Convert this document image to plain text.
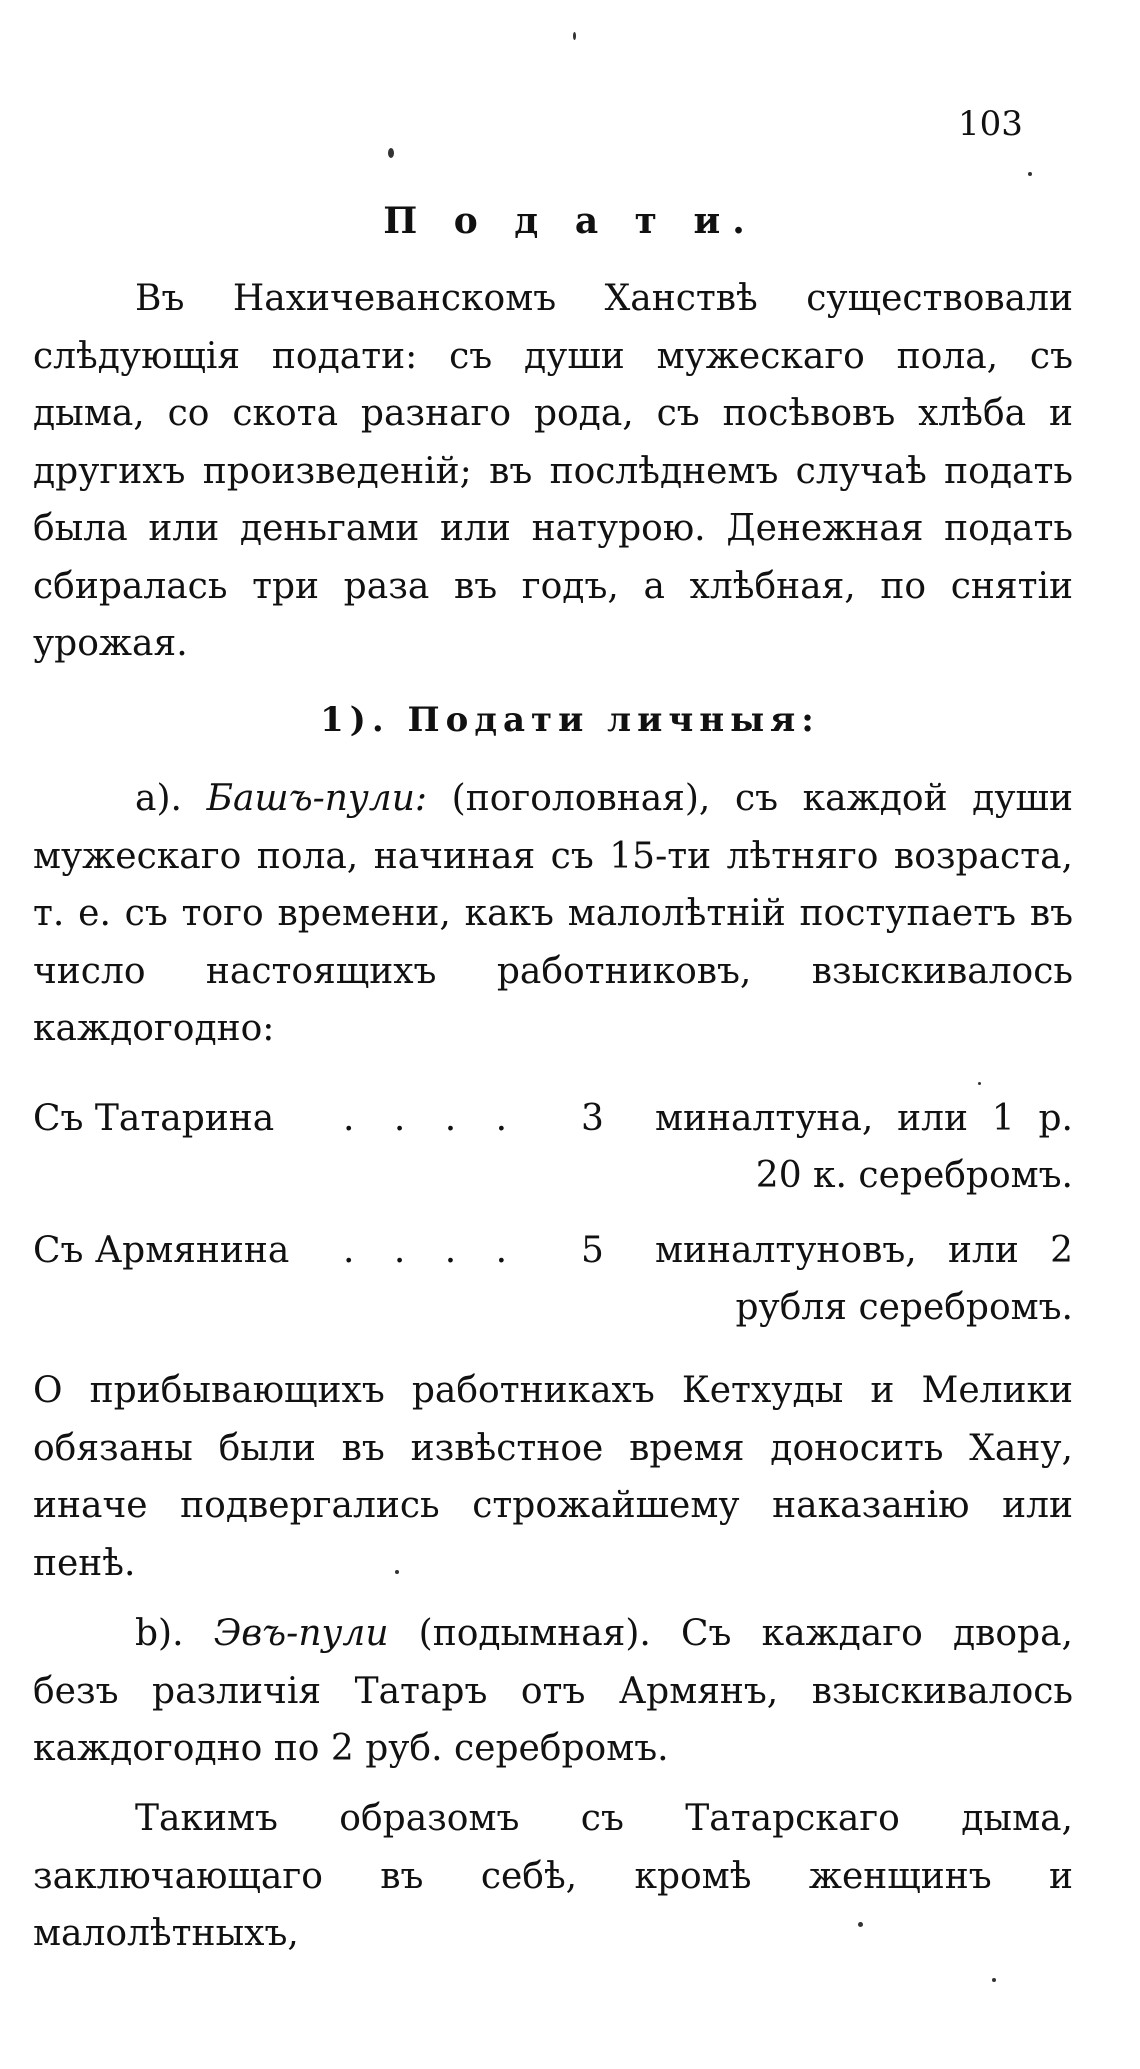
103
П о д а т и.

Въ Нахичеванскомъ Ханствѣ существовали слѣдующія подати: съ души мужескаго пола, съ дыма, со скота разнаго рода, съ посѣвовъ хлѣба и другихъ произведеній; въ послѣднемъ случаѣ подать была или деньгами или натурою. Денежная подать сбиралась три раза въ годъ, а хлѣбная, по снятіи урожая.

1). Подати личныя:

a). Башъ-пули: (поголовная), съ каждой души мужескаго пола, начиная съ 15-ти лѣтняго возраста, т. е. съ того времени, какъ малолѣтній поступаетъ въ число настоящихъ работниковъ, взыскивалось каждогодно:

Съ Татарина . . . . 3 миналтуна, или 1 р. 20 к. серебромъ.
Съ Армянина . . . . 5 миналтуновъ, или 2 рубля серебромъ.

О прибывающихъ работникахъ Кетхуды и Мелики обязаны были въ извѣстное время доносить Хану, иначе подвергались строжайшему наказанію или пенѣ.

b). Эвъ-пули (подымная). Съ каждаго двора, безъ различія Татаръ отъ Армянъ, взыскивалось каждогодно по 2 руб. серебромъ.

Такимъ образомъ съ Татарскаго дыма, заключающаго въ себѣ, кромѣ женщинъ и малолѣтныхъ,
